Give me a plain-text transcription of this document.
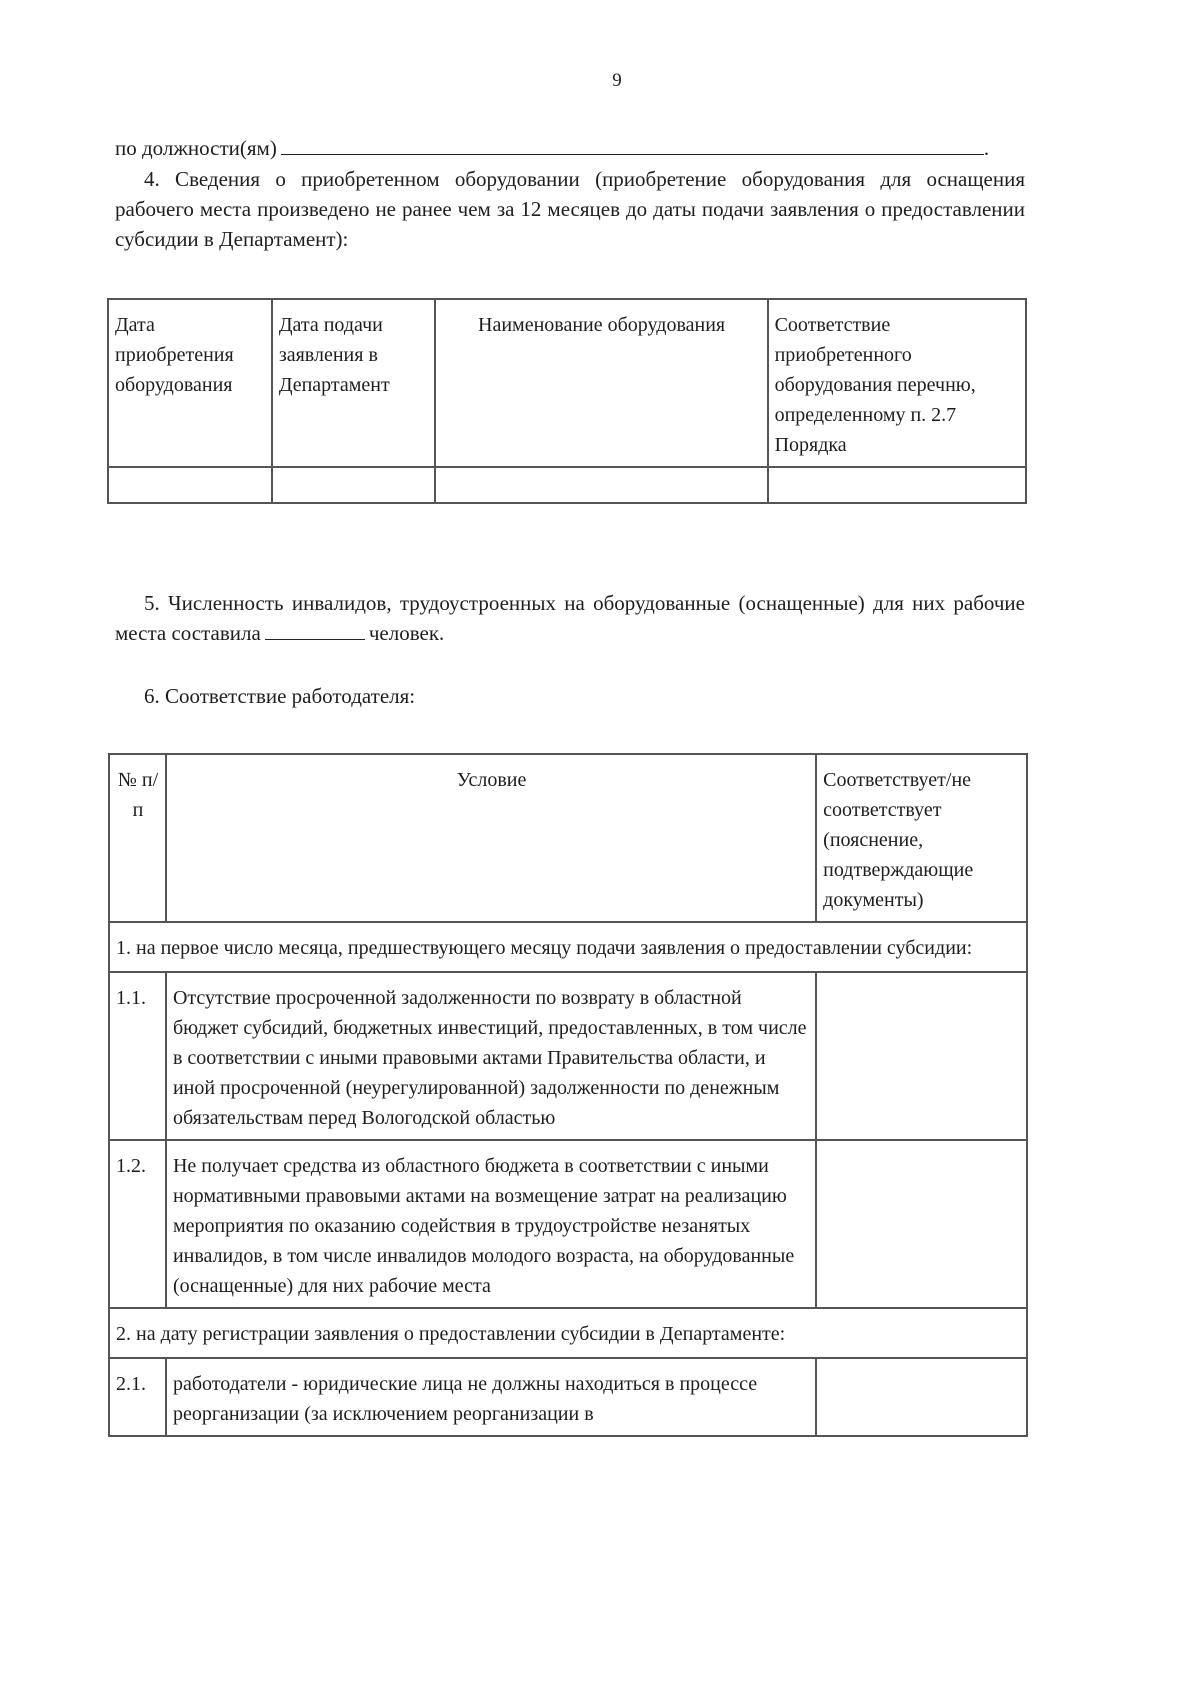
9
по должности(ям)	.
4. Сведения о приобретенном оборудовании (приобретение оборудования для оснащения рабочего места произведено не ранее чем за 12 месяцев до даты подачи заявления о предоставлении субсидии в Департамент):
Дата приобретения оборудования	Дата подачи заявления в Департамент	Наименование оборудования	Соответствие приобретенного оборудования перечню, определенному п. 2.7 Порядка

5. Численность инвалидов, трудоустроенных на оборудованные (оснащенные) для них рабочие места составила	человек.
6. Соответствие работодателя:
№ п/п	Условие	Соответствует/не соответствует (пояснение, подтверждающие документы)
1. на первое число месяца, предшествующего месяцу подачи заявления о предоставлении субсидии:		
1.1.	Отсутствие просроченной задолженности по возврату в областной бюджет субсидий, бюджетных инвестиций, предоставленных, в том числе в соответствии с иными правовыми актами Правительства области, и иной просроченной (неурегулированной) задолженности по денежным обязательствам перед Вологодской областью	
1.2.	Не получает средства из областного бюджета в соответствии с иными нормативными правовыми актами на возмещение затрат на реализацию мероприятия по оказанию содействия в трудоустройстве незанятых инвалидов, в том числе инвалидов молодого возраста, на оборудованные (оснащенные) для них рабочие места	
2. на дату регистрации заявления о предоставлении субсидии в Департаменте:		
2.1.	работодатели - юридические лица не должны находиться в процессе реорганизации (за исключением реорганизации в	
